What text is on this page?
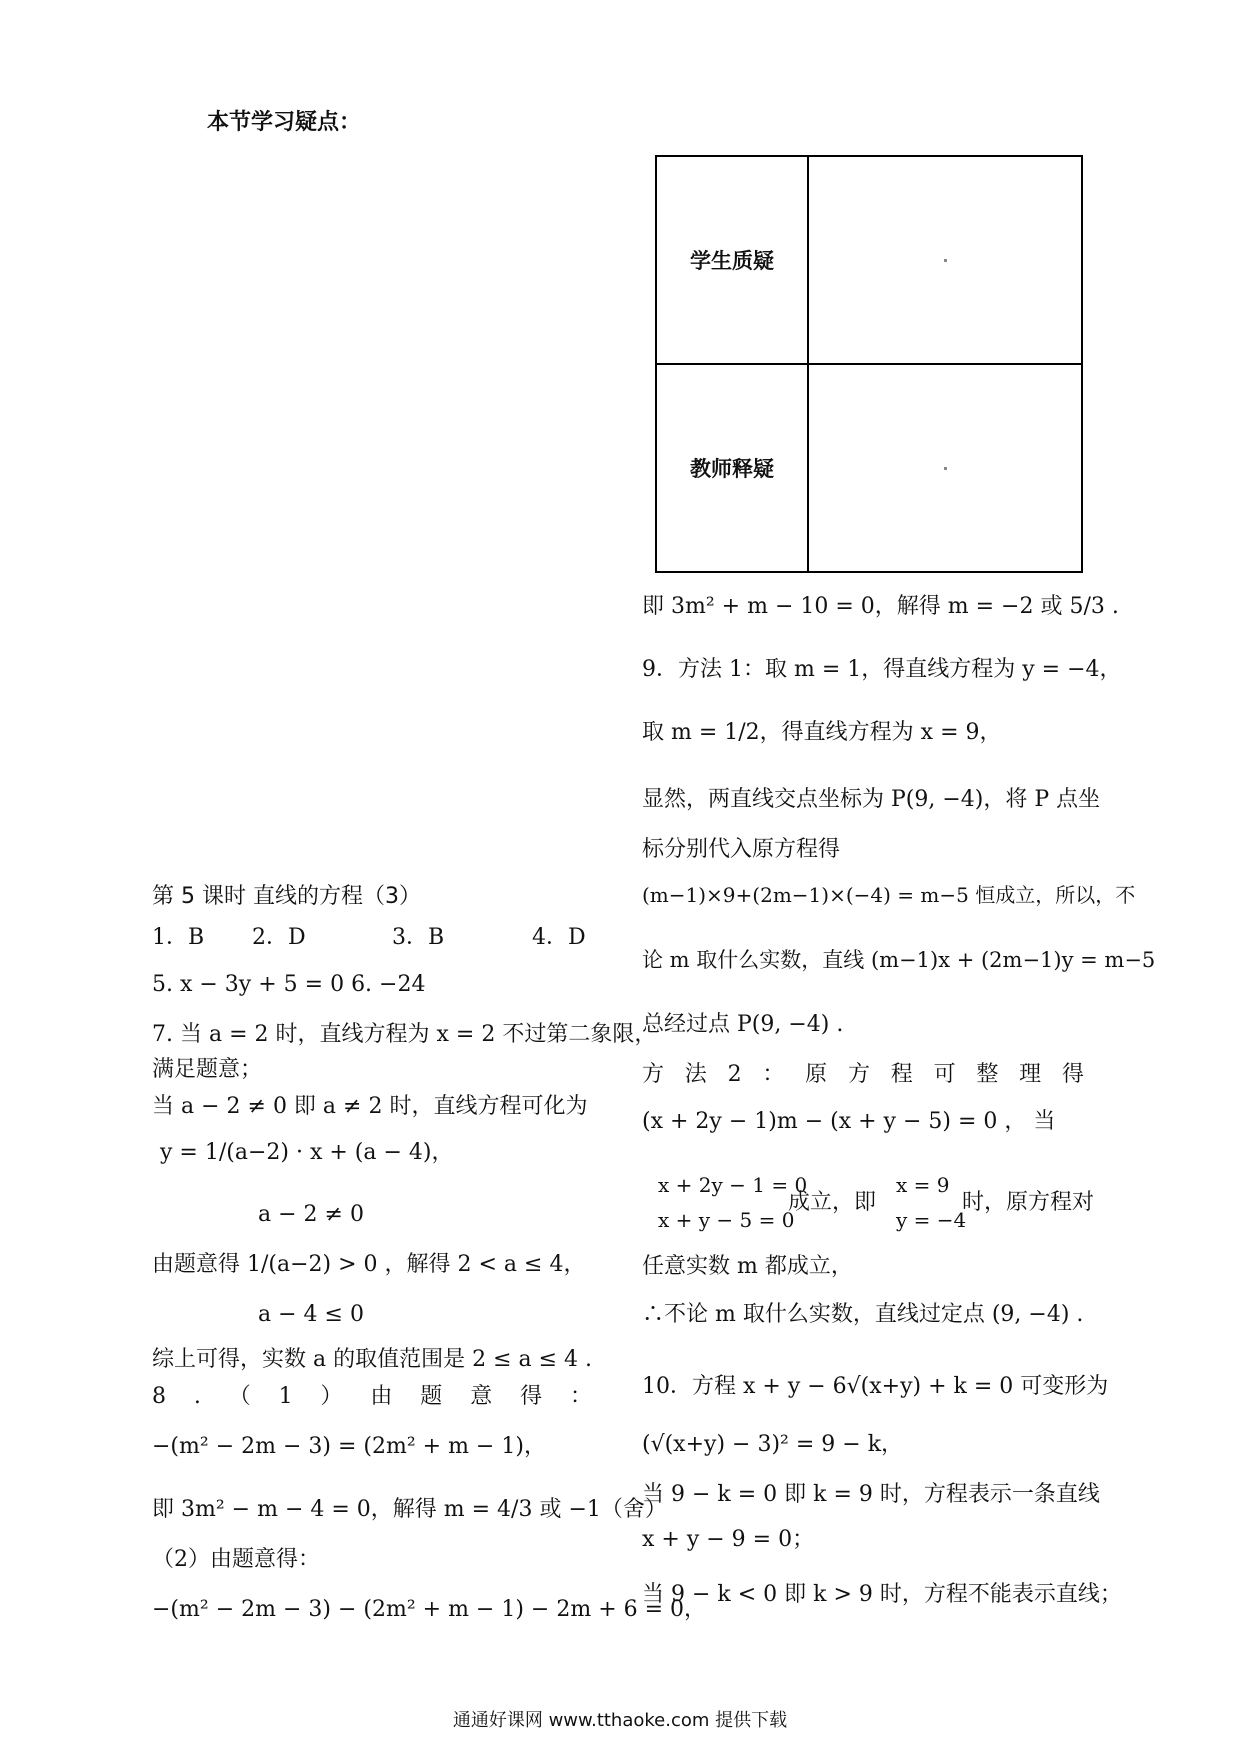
本节学习疑点：
学生质疑	

教师释疑	
第 5 课时 直线的方程（3）
1．B 2．D	3．B	4．D
5. x − 3y + 5 = 0 6. −24
7. 当 a = 2 时，直线方程为 x = 2 不过第二象限，
满足题意；
当 a − 2 ≠ 0 即 a ≠ 2 时，直线方程可化为
y = 1/(a−2) · x + (a − 4)，
a − 2 ≠ 0
由题意得 1/(a−2) > 0 ，解得 2 < a ≤ 4，
a − 4 ≤ 0
综上可得，实数 a 的取值范围是 2 ≤ a ≤ 4 .
8 . （ 1 ） 由 题 意 得 ：
−(m² − 2m − 3) = (2m² + m − 1)，
即 3m² − m − 4 = 0，解得 m = 4/3 或 −1（舍）
（2）由题意得：
−(m² − 2m − 3) − (2m² + m − 1) − 2m + 6 = 0，
即 3m² + m − 10 = 0，解得 m = −2 或 5/3 .
9．方法 1：取 m = 1，得直线方程为 y = −4，
取 m = 1/2，得直线方程为 x = 9，
显然，两直线交点坐标为 P(9, −4)，将 P 点坐
标分别代入原方程得
(m−1)×9+(2m−1)×(−4) = m−5 恒成立，所以，不
论 m 取什么实数，直线 (m−1)x + (2m−1)y = m−5
总经过点 P(9, −4) .
方 法 2 ： 原 方 程 可 整 理 得
(x + 2y − 1)m − (x + y − 5) = 0 ， 当
x + 2y − 1 = 0
x + y − 5 = 0
成立，即
x = 9
y = −4
时，原方程对
任意实数 m 都成立，
∴不论 m 取什么实数，直线过定点 (9, −4) .
10．方程 x + y − 6√(x+y) + k = 0 可变形为
(√(x+y) − 3)² = 9 − k，
当 9 − k = 0 即 k = 9 时，方程表示一条直线
x + y − 9 = 0；
当 9 − k < 0 即 k > 9 时，方程不能表示直线；
通通好课网 www.tthaoke.com 提供下载
